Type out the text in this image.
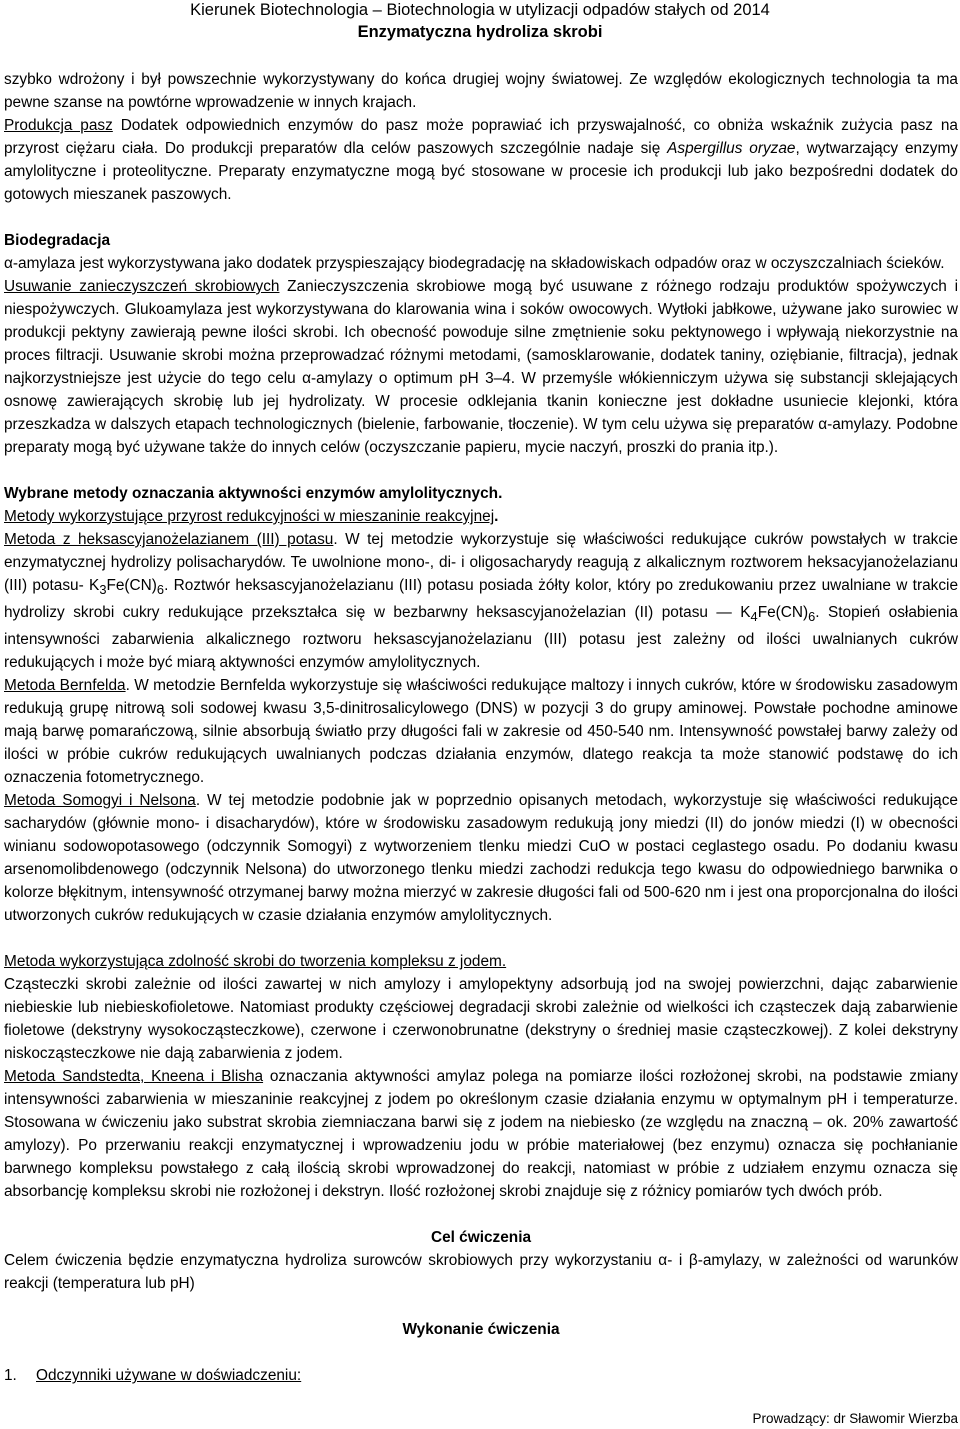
Kierunek Biotechnologia – Biotechnologia w utylizacji odpadów stałych od 2014
Enzymatyczna hydroliza skrobi

szybko wdrożony i był powszechnie wykorzystywany do końca drugiej wojny światowej. Ze względów ekologicznych technologia ta ma pewne szanse na powtórne wprowadzenie w innych krajach.

Produkcja pasz Dodatek odpowiednich enzymów do pasz może poprawiać ich przyswajalność, co obniża wskaźnik zużycia pasz na przyrost ciężaru ciała. Do produkcji preparatów dla celów paszowych szczególnie nadaje się Aspergillus oryzae, wytwarzający enzymy amylolityczne i proteolityczne. Preparaty enzymatyczne mogą być stosowane w procesie ich produkcji lub jako bezpośredni dodatek do gotowych mieszanek paszowych.

Biodegradacja

α-amylaza jest wykorzystywana jako dodatek przyspieszający biodegradację na składowiskach odpadów oraz w oczyszczalniach ścieków.

Usuwanie zanieczyszczeń skrobiowych Zanieczyszczenia skrobiowe mogą być usuwane z różnego rodzaju produktów spożywczych i niespożywczych. Glukoamylaza jest wykorzystywana do klarowania wina i soków owocowych. Wytłoki jabłkowe, używane jako surowiec w produkcji pektyny zawierają pewne ilości skrobi. Ich obecność powoduje silne zmętnienie soku pektynowego i wpływają niekorzystnie na proces filtracji. Usuwanie skrobi można przeprowadzać różnymi metodami, (samosklarowanie, dodatek taniny, oziębianie, filtracja), jednak najkorzystniejsze jest użycie do tego celu α-amylazy o optimum pH 3–4. W przemyśle włókienniczym używa się substancji sklejających osnowę zawierających skrobię lub jej hydrolizaty. W procesie odklejania tkanin konieczne jest dokładne usuniecie klejonki, która przeszkadza w dalszych etapach technologicznych (bielenie, farbowanie, tłoczenie). W tym celu używa się preparatów α-amylazy. Podobne preparaty mogą być używane także do innych celów (oczyszczanie papieru, mycie naczyń, proszki do prania itp.).

Wybrane metody oznaczania aktywności enzymów amylolitycznych.

Metody wykorzystujące przyrost redukcyjności w mieszaninie reakcyjnej.

Metoda z heksascyjanożelazianem (III) potasu. W tej metodzie wykorzystuje się właściwości redukujące cukrów powstałych w trakcie enzymatycznej hydrolizy polisacharydów. Te uwolnione mono-, di- i oligosacharydy reagują z alkalicznym roztworem heksacyjanożelazianu (III) potasu- $K_3Fe(CN)_6$. Roztwór heksascyjanożelazianu (III) potasu posiada żółty kolor, który po zredukowaniu przez uwalniane w trakcie hydrolizy skrobi cukry redukujące przekształca się w bezbarwny heksascyjanożelazian (II) potasu — $K_4Fe(CN)_6$. Stopień osłabienia intensywności zabarwienia alkalicznego roztworu heksascyjanożelazianu (III) potasu jest zależny od ilości uwalnianych cukrów redukujących i może być miarą aktywności enzymów amylolitycznych.

Metoda Bernfelda. W metodzie Bernfelda wykorzystuje się właściwości redukujące maltozy i innych cukrów, które w środowisku zasadowym redukują grupę nitrową soli sodowej kwasu 3,5-dinitrosalicylowego (DNS) w pozycji 3 do grupy aminowej. Powstałe pochodne aminowe mają barwę pomarańczową, silnie absorbują światło przy długości fali w zakresie od 450-540 nm. Intensywność powstałej barwy zależy od ilości w próbie cukrów redukujących uwalnianych podczas działania enzymów, dlatego reakcja ta może stanowić podstawę do ich oznaczenia fotometrycznego.

Metoda Somogyi i Nelsona. W tej metodzie podobnie jak w poprzednio opisanych metodach, wykorzystuje się właściwości redukujące sacharydów (głównie mono- i disacharydów), które w środowisku zasadowym redukują jony miedzi (II) do jonów miedzi (I) w obecności winianu sodowopotasowego (odczynnik Somogyi) z wytworzeniem tlenku miedzi CuO w postaci ceglastego osadu. Po dodaniu kwasu arsenomolibdenowego (odczynnik Nelsona) do utworzonego tlenku miedzi zachodzi redukcja tego kwasu do odpowiedniego barwnika o kolorze błękitnym, intensywność otrzymanej barwy można mierzyć w zakresie długości fali od 500-620 nm i jest ona proporcjonalna do ilości utworzonych cukrów redukujących w czasie działania enzymów amylolitycznych.

Metoda wykorzystująca zdolność skrobi do tworzenia kompleksu z jodem.

Cząsteczki skrobi zależnie od ilości zawartej w nich amylozy i amylopektyny adsorbują jod na swojej powierzchni, dając zabarwienie niebieskie lub niebieskofioletowe. Natomiast produkty częściowej degradacji skrobi zależnie od wielkości ich cząsteczek dają zabarwienie fioletowe (dekstryny wysokocząsteczkowe), czerwone i czerwonobrunatne (dekstryny o średniej masie cząsteczkowej). Z kolei dekstryny niskocząsteczkowe nie dają zabarwienia z jodem.

Metoda Sandstedta, Kneena i Blisha oznaczania aktywności amylaz polega na pomiarze ilości rozłożonej skrobi, na podstawie zmiany intensywności zabarwienia w mieszaninie reakcyjnej z jodem po określonym czasie działania enzymu w optymalnym pH i temperaturze. Stosowana w ćwiczeniu jako substrat skrobia ziemniaczana barwi się z jodem na niebiesko (ze względu na znaczną – ok. 20% zawartość amylozy). Po przerwaniu reakcji enzymatycznej i wprowadzeniu jodu w próbie materiałowej (bez enzymu) oznacza się pochłanianie barwnego kompleksu powstałego z całą ilością skrobi wprowadzonej do reakcji, natomiast w próbie z udziałem enzymu oznacza się absorbancję kompleksu skrobi nie rozłożonej i dekstryn. Ilość rozłożonej skrobi znajduje się z różnicy pomiarów tych dwóch prób.

Cel ćwiczenia

Celem ćwiczenia będzie enzymatyczna hydroliza surowców skrobiowych przy wykorzystaniu α- i β-amylazy, w zależności od warunków reakcji (temperatura lub pH)

Wykonanie ćwiczenia

1. Odczynniki używane w doświadczeniu:

Prowadzący: dr Sławomir Wierzba
